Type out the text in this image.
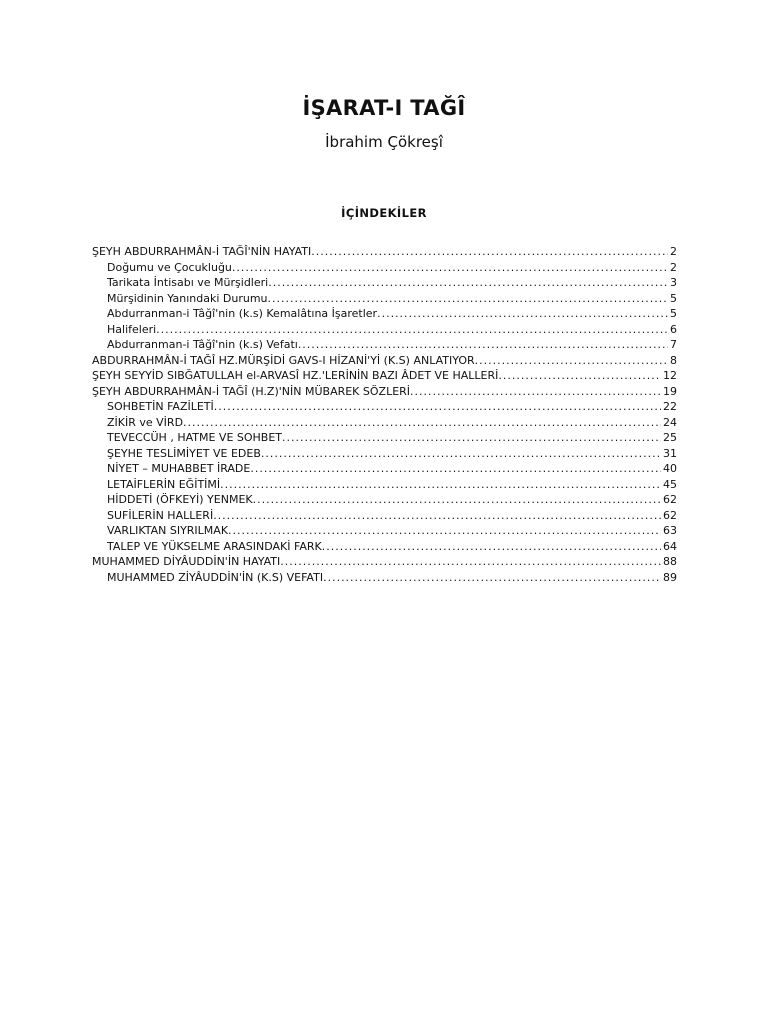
İŞARAT-I TAĞÎ
İbrahim Çökreşî
İÇİNDEKİLER
ŞEYH ABDURRAHMÂN-İ TAĞÎ'NİN HAYATI .....	2
Doğumu ve Çocukluğu .....	2
Tarikata İntisabı ve Mürşidleri .....	3
Mürşidinin Yanındaki Durumu .....	5
Abdurranman-i Tâğî'nin (k.s) Kemalâtına İşaretler .....	5
Halifeleri .....	6
Abdurranman-i Tâğî'nin (k.s) Vefatı .....	7
ABDURRAHMÂN-İ TAĞÎ HZ.MÜRŞİDİ GAVS-I HİZANİ'Yİ (K.S) ANLATIYOR .....	8
ŞEYH SEYYİD SIBĞATULLAH el-ARVASÎ HZ.'LERİNİN BAZI ÂDET VE HALLERİ .....	12
ŞEYH ABDURRAHMÂN-İ TAĞÎ (H.Z)'NİN MÜBAREK SÖZLERİ .....	19
SOHBETİN FAZİLETİ .....	22
ZİKİR ve VİRD .....	24
TEVECCÜH , HATME VE SOHBET .....	25
ŞEYHE TESLİMİYET VE EDEB .....	31
NİYET – MUHABBET İRADE .....	40
LETAİFLERİN EĞİTİMİ .....	45
HİDDETİ (ÖFKEYİ) YENMEK .....	62
SUFİLERİN HALLERİ .....	62
VARLIKTAN SIYRILMAK .....	63
TALEP VE YÜKSELME ARASINDAKİ FARK .....	64
MUHAMMED DİYÂUDDİN'İN HAYATI .....	88
MUHAMMED ZİYÂUDDİN'İN (K.S) VEFATI .....	89
